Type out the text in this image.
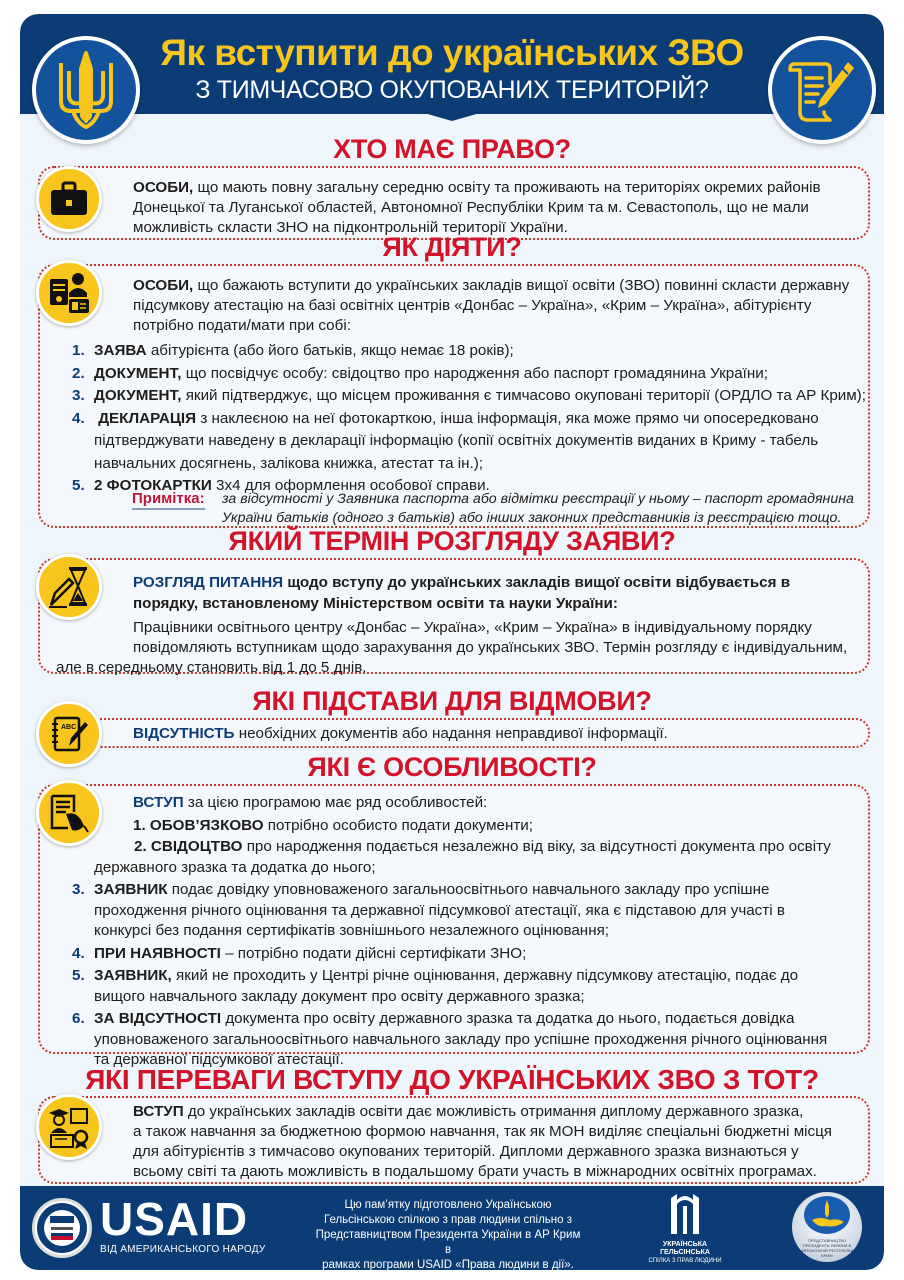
Як вступити до українських ЗВО
З ТИМЧАСОВО ОКУПОВАНИХ ТЕРИТОРІЙ?
ХТО МАЄ ПРАВО?
ОСОБИ, що мають повну загальну середню освіту та проживають на територіях окремих районів
Донецької та Луганської областей, Автономної Республіки Крим та м. Севастополь, що не мали
можливість скласти ЗНО на підконтрольній території України.
ЯК ДІЯТИ?
ОСОБИ, що бажають вступити до українських закладів вищої освіти (ЗВО) повинні скласти державну
підсумкову атестацію на базі освітніх центрів «Донбас – Україна», «Крим – Україна», абітурієнту
потрібно подати/мати при собі:
1. ЗАЯВА абітурієнта (або його батьків, якщо немає 18 років);
2. ДОКУМЕНТ, що посвідчує особу: свідоцтво про народження або паспорт громадянина України;
3. ДОКУМЕНТ, який підтверджує, що місцем проживання є тимчасово окуповані території (ОРДЛО та АР Крим);
4. ДЕКЛАРАЦІЯ з наклеєною на неї фотокарткою, інша інформація, яка може прямо чи опосередковано
підтверджувати наведену в декларації інформацію (копії освітніх документів виданих в Криму - табель
навчальних досягнень, залікова книжка, атестат та ін.);
5. 2 ФОТОКАРТКИ 3х4 для оформлення особової справи.
Примітка: за відсутності у Заявника паспорта або відмітки реєстрації у ньому – паспорт громадянина
України батьків (одного з батьків) або інших законних представників із реєстрацією тощо.
ЯКИЙ ТЕРМІН РОЗГЛЯДУ ЗАЯВИ?
РОЗГЛЯД ПИТАННЯ щодо вступу до українських закладів вищої освіти відбувається в
порядку, встановленому Міністерством освіти та науки України:
Працівники освітнього центру «Донбас – Україна», «Крим – Україна» в індивідуальному порядку
повідомляють вступникам щодо зарахування до українських ЗВО. Термін розгляду є індивідуальним,
але в середньому становить від 1 до 5 днів.
ЯКІ ПІДСТАВИ ДЛЯ ВІДМОВИ?
ABC	ВІДСУТНІСТЬ необхідних документів або надання неправдивої інформації.
ЯКІ Є ОСОБЛИВОСТІ?
ВСТУП за цією програмою має ряд особливостей:
1. ОБОВ’ЯЗКОВО потрібно особисто подати документи;
2. СВІДОЦТВО про народження подається незалежно від віку, за відсутності документа про освіту
державного зразка та додатка до нього;
3. ЗАЯВНИК подає довідку уповноваженого загальноосвітнього навчального закладу про успішне
проходження річного оцінювання та державної підсумкової атестації, яка є підставою для участі в
конкурсі без подання сертифікатів зовнішнього незалежного оцінювання;
4. ПРИ НАЯВНОСТІ – потрібно подати дійсні сертифікати ЗНО;
5. ЗАЯВНИК, який не проходить у Центрі річне оцінювання, державну підсумкову атестацію, подає до
вищого навчального закладу документ про освіту державного зразка;
6. ЗА ВІДСУТНОСТІ документа про освіту державного зразка та додатка до нього, подається довідка
уповноваженого загальноосвітнього навчального закладу про успішне проходження річного оцінювання
та державної підсумкової атестації.
ЯКІ ПЕРЕВАГИ ВСТУПУ ДО УКРАЇНСЬКИХ ЗВО З ТОТ?
ВСТУП до українських закладів освіти дає можливість отримання диплому державного зразка,
а також навчання за бюджетною формою навчання, так як МОН виділяє спеціальні бюджетні місця
для абітурієнтів з тимчасово окупованих територій. Дипломи державного зразка визнаються у
всьому світі та дають можливість в подальшому брати участь в міжнародних освітніх програмах.
USAID
ВІД АМЕРИКАНСЬКОГО НАРОДУ
Цю пам’ятку підготовлено Українською
Гельсінською спілкою з прав людини спільно з
Представництвом Президента України в АР Крим в
рамках програми USAID «Права людини в дії».
УКРАЇНСЬКА ГЕЛЬСІНСЬКА
СПІЛКА З ПРАВ ЛЮДИНИ
ПРЕДСТАВНИЦТВО ПРЕЗИДЕНТА УКРАЇНИ В АВТОНОМНІЙ РЕСПУБЛІЦІ КРИМ
